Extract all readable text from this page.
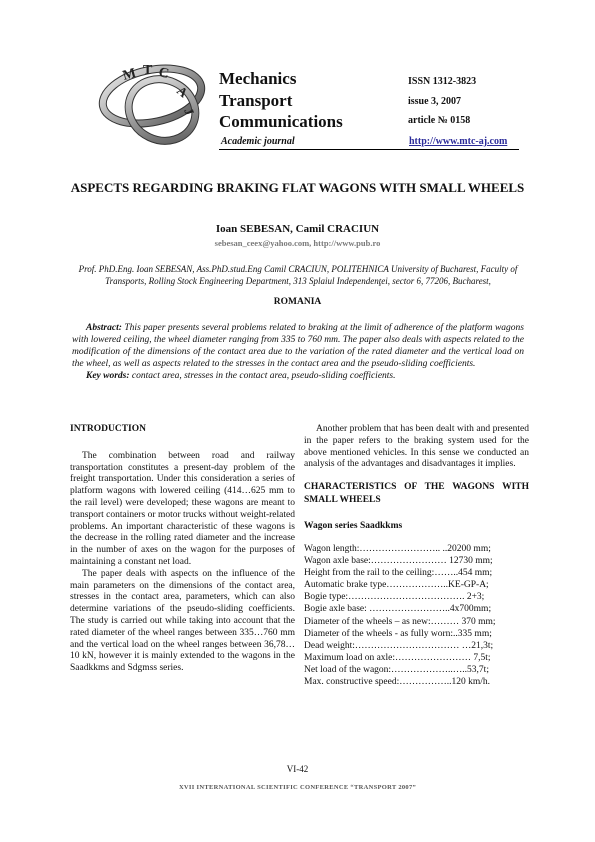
M T C
A
J
Mechanics
Transport
Communications
ISSN 1312-3823
issue 3, 2007
article № 0158
Academic journal	http://www.mtc-aj.com
ASPECTS REGARDING BRAKING FLAT WAGONS WITH SMALL WHEELS
Ioan SEBESAN, Camil CRACIUN
sebesan_ceex@yahoo.com, http://www.pub.ro
Prof. PhD.Eng. Ioan SEBESAN, Ass.PhD.stud.Eng Camil CRACIUN, POLITEHNICA University of Bucharest, Faculty of Transports, Rolling Stock Engineering Department, 313 Splaiul Independenţei, sector 6, 77206, Bucharest,
ROMANIA

Abstract: This paper presents several problems related to braking at the limit of adherence of the platform wagons with lowered ceiling, the wheel diameter ranging from 335 to 760 mm. The paper also deals with aspects related to the modification of the dimensions of the contact area due to the variation of the rated diameter and the vertical load on the wheel, as well as aspects related to the stresses in the contact area and the pseudo-sliding coefficients.

Key words: contact area, stresses in the contact area, pseudo-sliding coefficients.

INTRODUCTION

The combination between road and railway transportation constitutes a present-day problem of the freight transportation. Under this consideration a series of platform wagons with lowered ceiling (414…625 mm to the rail level) were developed; these wagons are meant to transport containers or motor trucks without weight-related problems. An important characteristic of these wagons is the decrease in the rolling rated diameter and the increase in the number of axes on the wagon for the purposes of maintaining a constant net load.

The paper deals with aspects on the influence of the main parameters on the dimensions of the contact area, stresses in the contact area, parameters, which can also determine variations of the pseudo-sliding coefficients. The study is carried out while taking into account that the rated diameter of the wheel ranges between 335…760 mm and the vertical load on the wheel ranges between 36,78…10 kN, however it is mainly extended to the wagons in the Saadkkms and Sdgmss series.

Another problem that has been dealt with and presented in the paper refers to the braking system used for the above mentioned vehicles. In this sense we conducted an analysis of the advantages and disadvantages it implies.

CHARACTERISTICS OF THE WAGONS WITH SMALL WHEELS
Wagon series Saadkkms
Wagon length:…………………….. ..20200 mm;
Wagon axle base:…………………… 12730 mm;
Height from the rail to the ceiling:……..454 mm;
Automatic brake type………………..KE-GP-A;
Bogie type:………………………………. 2+3;
Bogie axle base: ……………………..4x700mm;
Diameter of the wheels – as new:……… 370 mm;
Diameter of the wheels - as fully worn:..335 mm;
Dead weight:…………………………… …21,3t;
Maximum load on axle:…………………… 7,5t;
Net load of the wagon:………………..…..53,7t;
Max. constructive speed:……………..120 km/h.
VI-42
XVII INTERNATIONAL SCIENTIFIC CONFERENCE “TRANSPORT 2007”
